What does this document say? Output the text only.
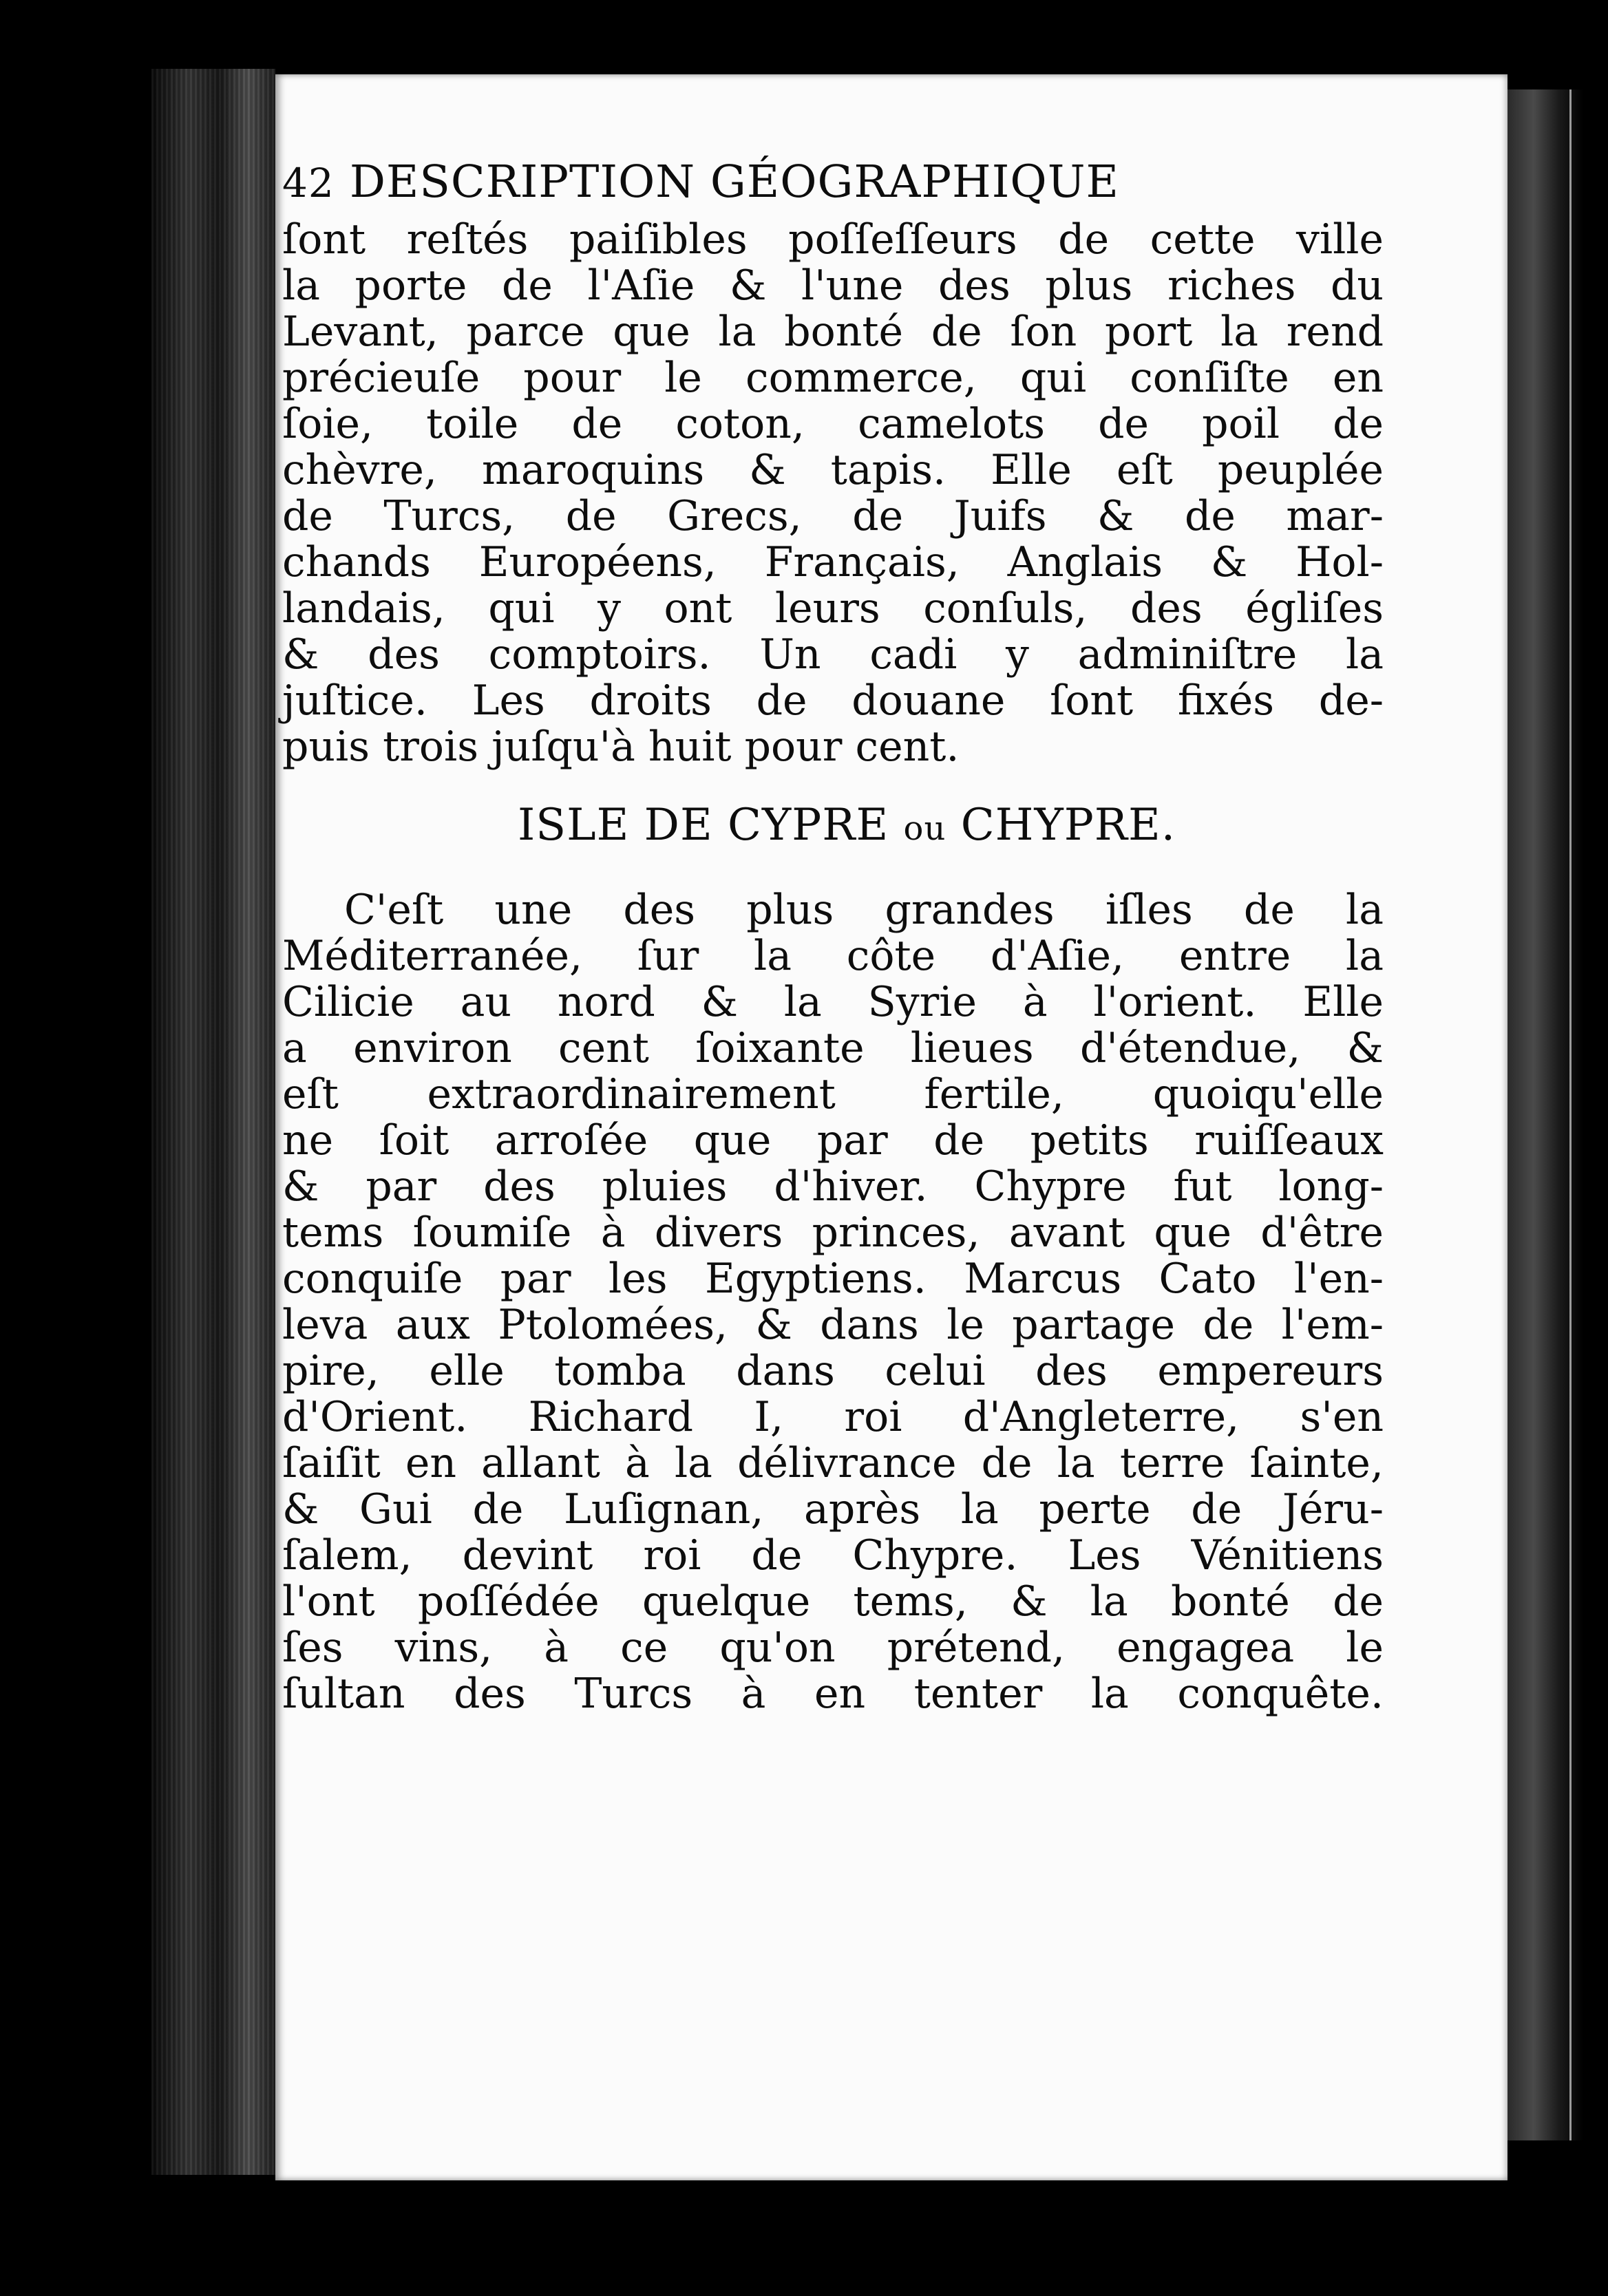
42 DESCRIPTION GÉOGRAPHIQUE
ſont reſtés paiſibles poſſeſſeurs de cette ville
la porte de l'Aſie & l'une des plus riches du
Levant, parce que la bonté de ſon port la rend
précieuſe pour le commerce, qui conſiſte en
ſoie, toile de coton, camelots de poil de
chèvre, maroquins & tapis. Elle eſt peuplée
de Turcs, de Grecs, de Juifs & de mar-
chands Européens, Français, Anglais & Hol-
landais, qui y ont leurs conſuls, des égliſes
& des comptoirs. Un cadi y adminiſtre la
juſtice. Les droits de douane ſont fixés de-
puis trois juſqu'à huit pour cent.
ISLE DE CYPRE ou CHYPRE.
C'eſt une des plus grandes iſles de la
Méditerranée, ſur la côte d'Aſie, entre la
Cilicie au nord & la Syrie à l'orient. Elle
a environ cent ſoixante lieues d'étendue, &
eſt extraordinairement fertile, quoiqu'elle
ne ſoit arroſée que par de petits ruiſſeaux
& par des pluies d'hiver. Chypre fut long-
tems ſoumiſe à divers princes, avant que d'être
conquiſe par les Egyptiens. Marcus Cato l'en-
leva aux Ptolomées, & dans le partage de l'em-
pire, elle tomba dans celui des empereurs
d'Orient. Richard I, roi d'Angleterre, s'en
ſaiſit en allant à la délivrance de la terre ſainte,
& Gui de Luſignan, après la perte de Jéru-
ſalem, devint roi de Chypre. Les Vénitiens
l'ont poſſédée quelque tems, & la bonté de
ſes vins, à ce qu'on prétend, engagea le
ſultan des Turcs à en tenter la conquête.
